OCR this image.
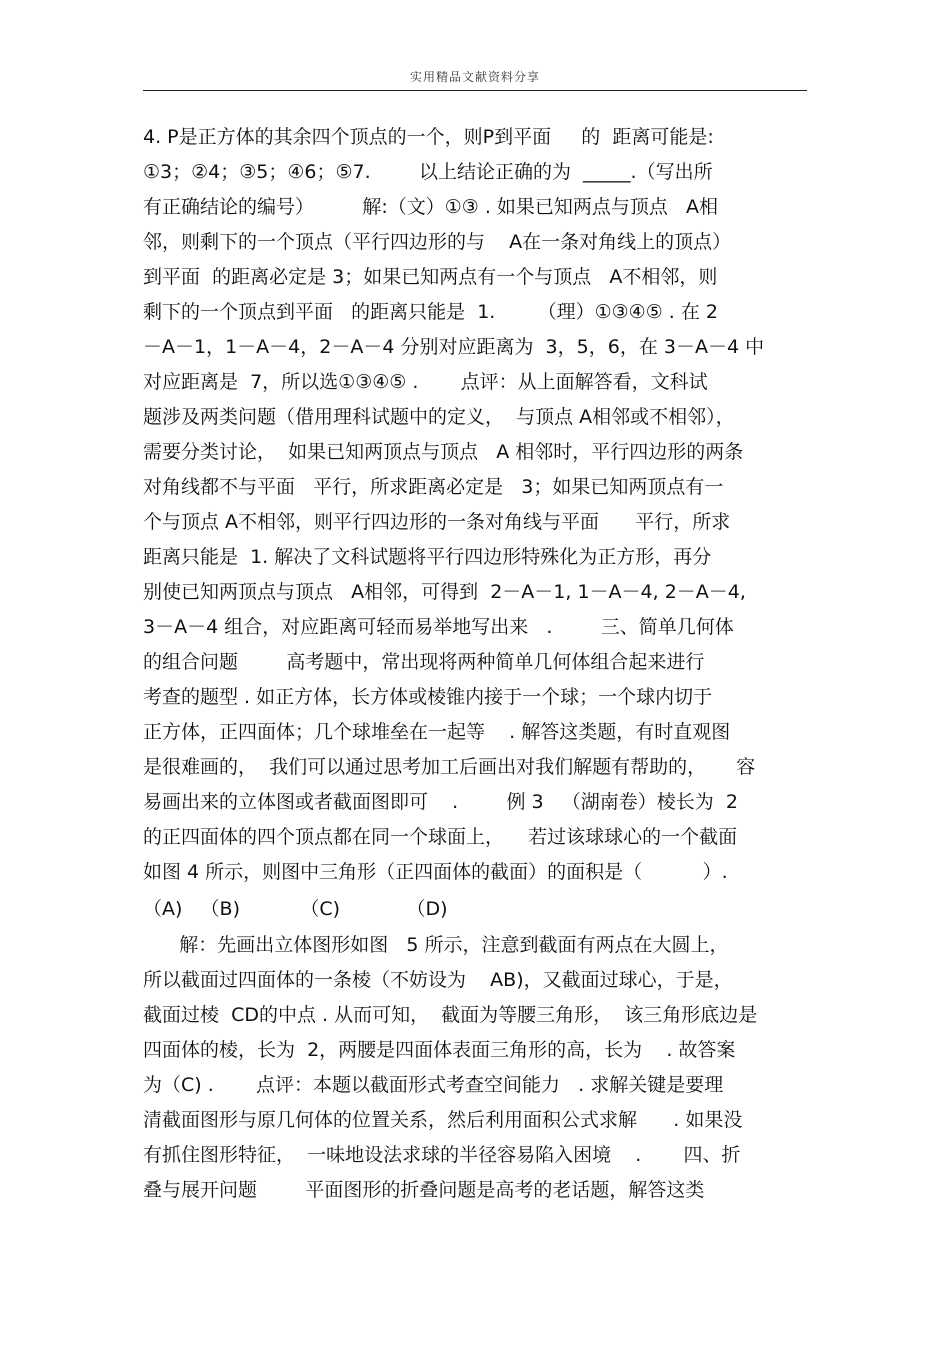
实用精品文献资料分享
4. P是正方体的其余四个顶点的一个，则P到平面     的  距离可能是:
①3；②4；③5；④6；⑤7.        以上结论正确的为  _____.（写出所
有正确结论的编号）        解:（文）①③ . 如果已知两点与顶点   A相
邻，则剩下的一个顶点（平行四边形的与    A在一条对角线上的顶点）
到平面  的距离必定是 3；如果已知两点有一个与顶点   A不相邻，则
剩下的一个顶点到平面   的距离只能是  1.       （理）①③④⑤ . 在 2
－A－1，1－A－4，2－A－4 分别对应距离为  3，5，6，在 3－A－4 中
对应距离是  7，所以选①③④⑤ .       点评：从上面解答看，文科试
题涉及两类问题（借用理科试题中的定义，  与顶点 A相邻或不相邻），
需要分类讨论，  如果已知两顶点与顶点   A 相邻时，平行四边形的两条
对角线都不与平面   平行，所求距离必定是   3；如果已知两顶点有一
个与顶点 A不相邻，则平行四边形的一条对角线与平面      平行，所求
距离只能是  1. 解决了文科试题将平行四边形特殊化为正方形，再分
别使已知两顶点与顶点   A相邻，可得到  2－A－1, 1－A－4, 2－A－4,
3－A－4 组合，对应距离可轻而易举地写出来   .        三、简单几何体
的组合问题        高考题中，常出现将两种简单几何体组合起来进行
考查的题型 . 如正方体，长方体或棱锥内接于一个球；一个球内切于
正方体，正四面体；几个球堆垒在一起等    . 解答这类题，有时直观图
是很难画的，  我们可以通过思考加工后画出对我们解题有帮助的，     容
易画出来的立体图或者截面图即可    .        例 3   （湖南卷）棱长为  2
的正四面体的四个顶点都在同一个球面上，    若过该球球心的一个截面
如图 4 所示，则图中三角形（正四面体的截面）的面积是（          ）.
（A)   （B)          （C)           （D)
解：先画出立体图形如图   5 所示，注意到截面有两点在大圆上，
所以截面过四面体的一条棱（不妨设为    AB)，又截面过球心，于是，
截面过棱  CD的中点 . 从而可知，  截面为等腰三角形，  该三角形底边是
四面体的棱，长为  2，两腰是四面体表面三角形的高，长为    . 故答案
为（C) .       点评：本题以截面形式考查空间能力   . 求解关键是要理
清截面图形与原几何体的位置关系，然后利用面积公式求解      . 如果没
有抓住图形特征，  一味地设法求球的半径容易陷入困境    .       四、折
叠与展开问题        平面图形的折叠问题是高考的老话题，解答这类
